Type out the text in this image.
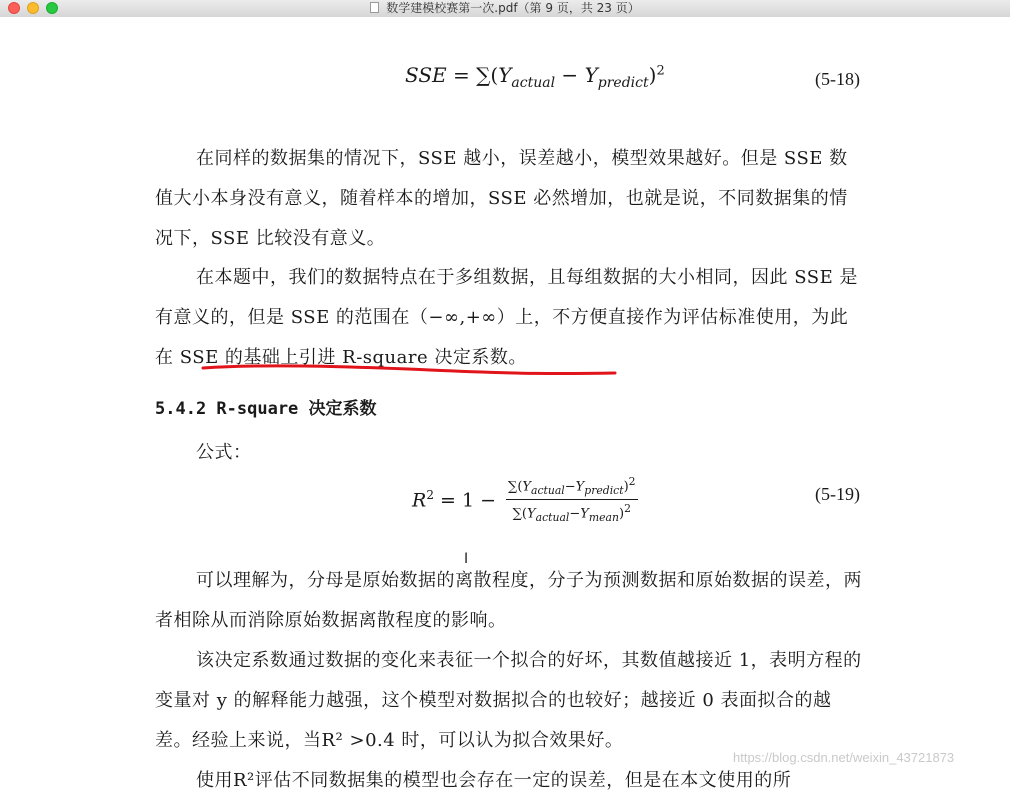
数学建模校赛第一次.pdf（第 9 页，共 23 页）
SSE = $\sum(Y_{actual} - Y_{predict})^2$	(5-18)

在同样的数据集的情况下，SSE 越小，误差越小，模型效果越好。但是 SSE 数值大小本身没有意义，随着样本的增加，SSE 必然增加，也就是说，不同数据集的情况下，SSE 比较没有意义。

在本题中，我们的数据特点在于多组数据，且每组数据的大小相同，因此 SSE 是有意义的，但是 SSE 的范围在（−∞,+∞）上，不方便直接作为评估标准使用，为此在 SSE 的基础上引进 R-square 决定系数。

5.4.2 R-square 决定系数

公式：

$R^2 = 1$ −
$\sum(Y_{actual}-Y_{predict})^2$
$\sum(Y_{actual}-Y_{mean})^2$
(5-19)
I

可以理解为，分母是原始数据的离散程度，分子为预测数据和原始数据的误差，两者相除从而消除原始数据离散程度的影响。

该决定系数通过数据的变化来表征一个拟合的好坏，其数值越接近 1，表明方程的变量对 y 的解释能力越强，这个模型对数据拟合的也较好；越接近 0 表面拟合的越差。经验上来说，当R² >0.4 时，可以认为拟合效果好。

使用R²评估不同数据集的模型也会存在一定的误差，但是在本文使用的所

https://blog.csdn.net/weixin_43721873
